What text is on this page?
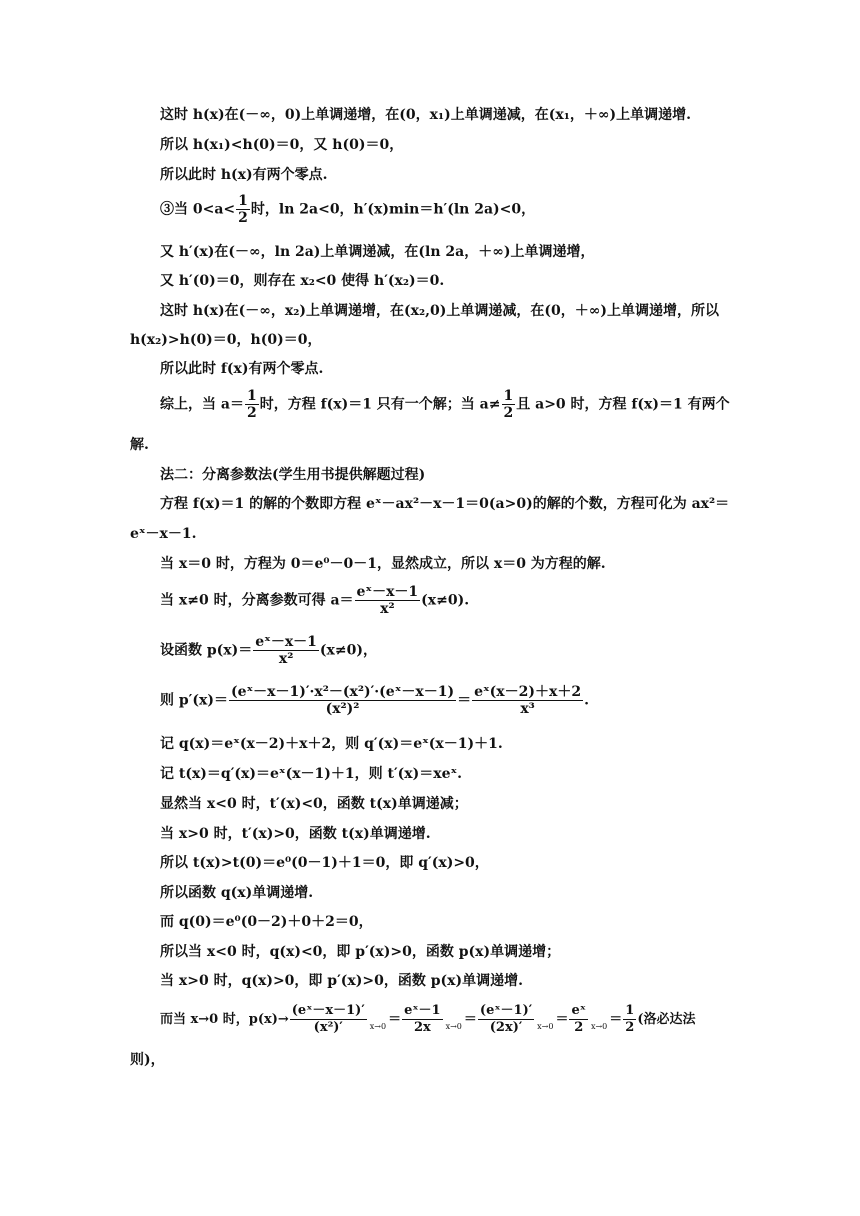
这时 h(x)在(－∞，0)上单调递增，在(0，x₁)上单调递减，在(x₁，＋∞)上单调递增.
所以 h(x₁)<h(0)＝0，又 h(0)＝0，
所以此时 h(x)有两个零点.
③当 $0<a< \frac{1}{2}$ 时，ln 2a<0，h′(x)min＝h′(ln 2a)<0，
又 h′(x)在(－∞，ln 2a)上单调递减，在(ln 2a，＋∞)上单调递增，
又 h′(0)＝0，则存在 x₂<0 使得 h′(x₂)＝0.
这时 h(x)在(－∞，x₂)上单调递增，在(x₂,0)上单调递减，在(0，＋∞)上单调递增，所以
h(x₂)>h(0)＝0，h(0)＝0，
所以此时 f(x)有两个零点.
综上，当 $a= \frac{1}{2}$ 时，方程 f(x)＝1 只有一个解；当 $a\ne \frac{1}{2}$ 且 a>0 时，方程 f(x)＝1 有两个
解.
法二：分离参数法(学生用书提供解题过程)
方程 f(x)＝1 的解的个数即方程 eˣ－ax²－x－1＝0(a>0)的解的个数，方程可化为 ax²＝
eˣ－x－1.
当 x＝0 时，方程为 0＝e⁰－0－1，显然成立，所以 x＝0 为方程的解.
当 x≠0 时，分离参数可得 $a= \frac{\text{eˣ－x－1}}{\text{x²}} (x\ne 0)$.
设函数 $p(x)= \frac{\text{eˣ－x－1}}{\text{x²}} (x\ne 0)$，
则 $p'(x)= \frac{\text{(eˣ－x－1)′·x²－(x²)′·(eˣ－x－1)}}{\text{(x²)²}} = \frac{\text{eˣ(x－2)＋x＋2}}{\text{x³}}$ .
记 q(x)＝eˣ(x－2)＋x＋2，则 q′(x)＝eˣ(x－1)＋1.
记 t(x)＝q′(x)＝eˣ(x－1)＋1，则 t′(x)＝xeˣ.
显然当 x<0 时，t′(x)<0，函数 t(x)单调递减；
当 x>0 时，t′(x)>0，函数 t(x)单调递增.
所以 t(x)>t(0)＝e⁰(0－1)＋1＝0，即 q′(x)>0，
所以函数 q(x)单调递增.
而 q(0)＝e⁰(0－2)＋0＋2＝0，
所以当 x<0 时，q(x)<0，即 p′(x)>0，函数 p(x)单调递增；
当 x>0 时，q(x)>0，即 p′(x)>0，函数 p(x)单调递增.
而当 x→0 时，$p(x)\to \frac{\text{(eˣ－x－1)′}}{\text{(x²)′}} _{x\to 0} = \frac{\text{eˣ－1}}{2x} _{x\to 0} = \frac{\text{(eˣ－1)′}}{(2x)'} _{x\to 0} = \frac{\text{eˣ}}{2} _{x\to 0} = \frac{1}{2}$ (洛必达法
则)，
